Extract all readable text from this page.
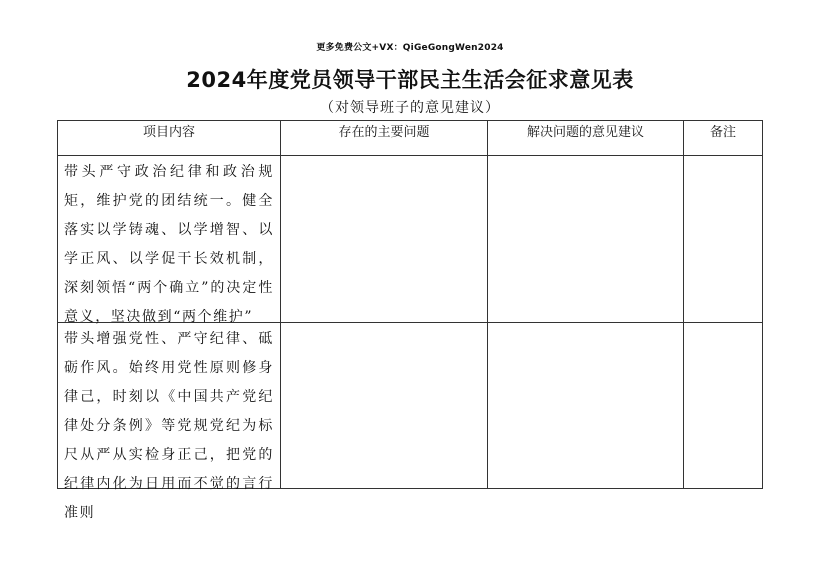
更多免费公文+VX：QiGeGongWen2024
2024年度党员领导干部民主生活会征求意见表
（对领导班子的意见建议）
项目内容	存在的主要问题	解决问题的意见建议	备注

带头严守政治纪律和政治规矩，维护党的团结统一。健全落实以学铸魂、以学增智、以学正风、以学促干长效机制，深刻领悟“两个确立”的决定性意义，坚决做到“两个维护”			

带头增强党性、严守纪律、砥砺作风。始终用党性原则修身律己，时刻以《中国共产党纪律处分条例》等党规党纪为标尺从严从实检身正己，把党的纪律内化为日用而不觉的言行准则			
